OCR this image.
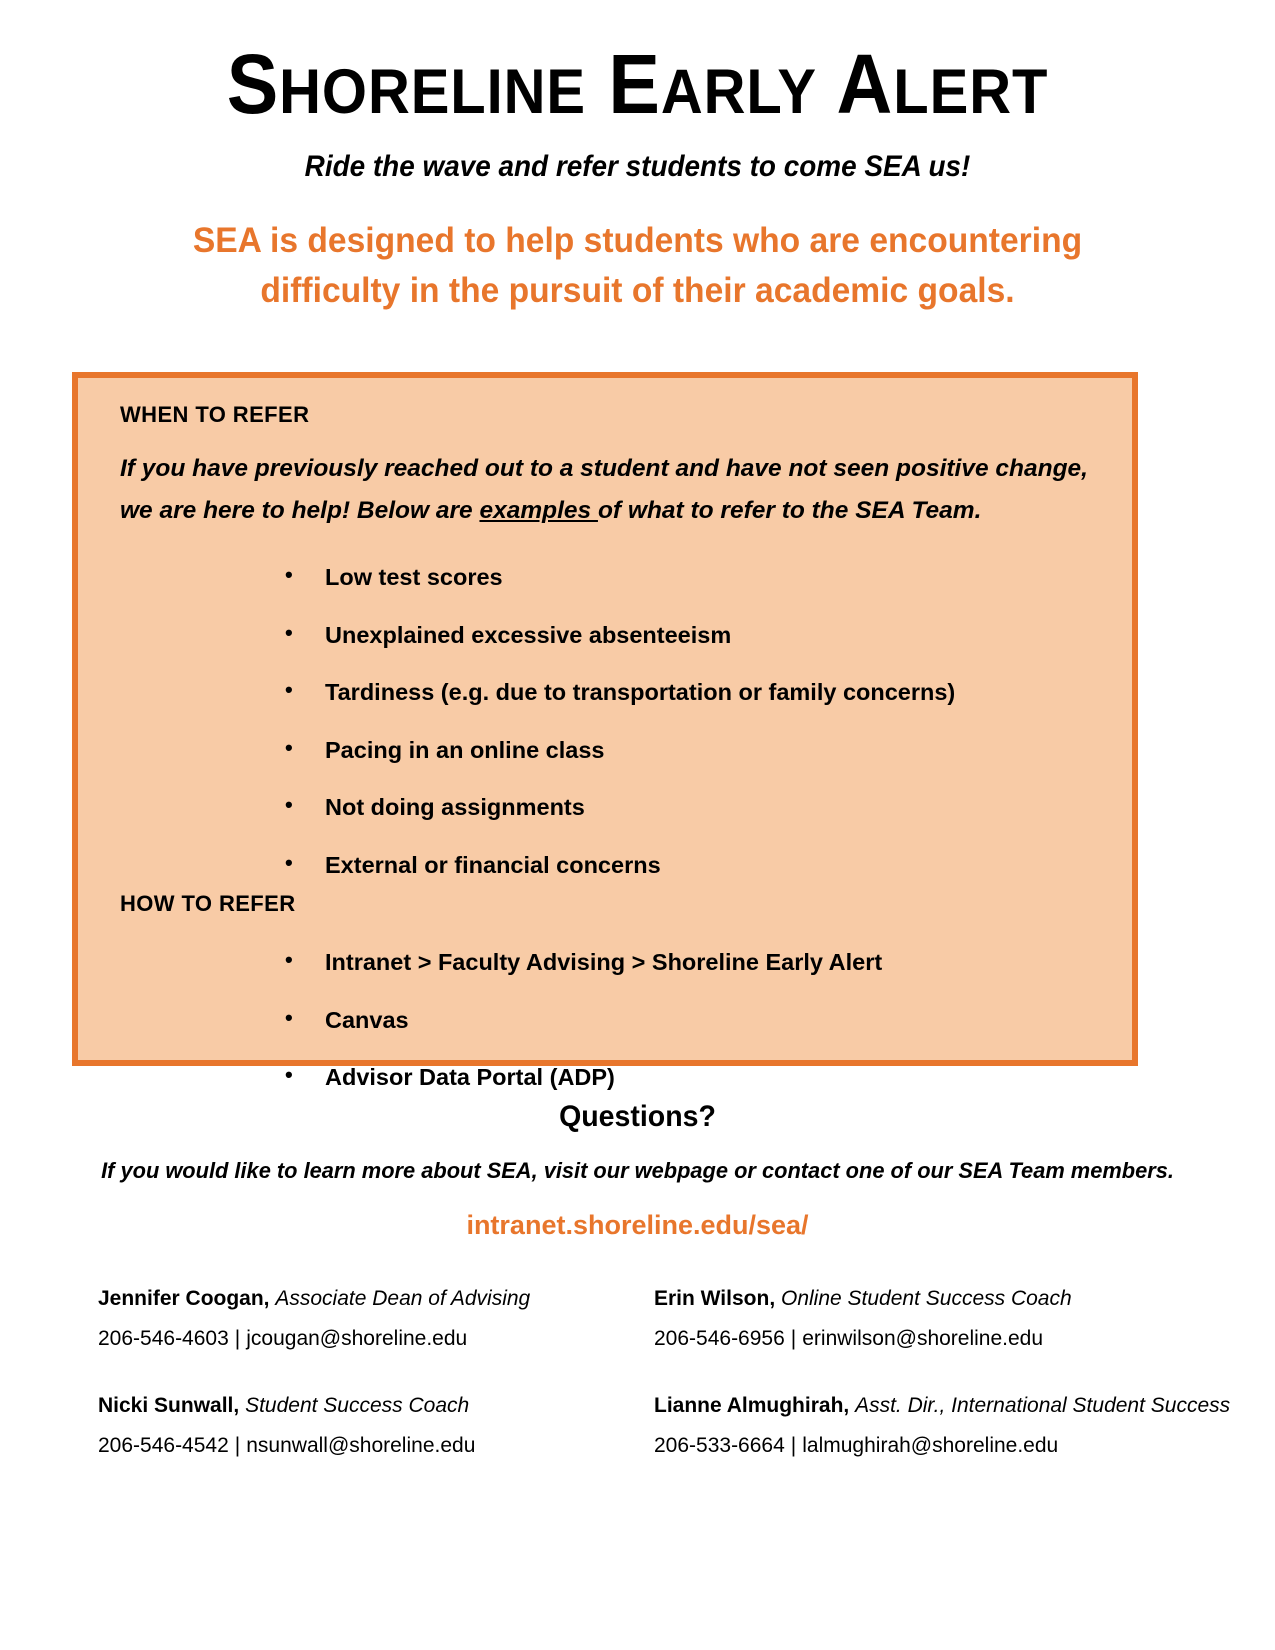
SHORELINE EARLY ALERT
Ride the wave and refer students to come SEA us!
SEA is designed to help students who are encountering
difficulty in the pursuit of their academic goals.
WHEN TO REFER
If you have previously reached out to a student and have not seen positive change, we are here to help! Below are examples of what to refer to the SEA Team.
• Low test scores
• Unexplained excessive absenteeism
• Tardiness (e.g. due to transportation or family concerns)
• Pacing in an online class
• Not doing assignments
• External or financial concerns
HOW TO REFER
• Intranet > Faculty Advising > Shoreline Early Alert
• Canvas
• Advisor Data Portal (ADP)
Questions?
If you would like to learn more about SEA, visit our webpage or contact one of our SEA Team members.
intranet.shoreline.edu/sea/
Jennifer Coogan, Associate Dean of Advising
206-546-4603 | jcougan@shoreline.edu
Erin Wilson, Online Student Success Coach
206-546-6956 | erinwilson@shoreline.edu
Nicki Sunwall, Student Success Coach
206-546-4542 | nsunwall@shoreline.edu
Lianne Almughirah, Asst. Dir., International Student Success
206-533-6664 | lalmughirah@shoreline.edu
